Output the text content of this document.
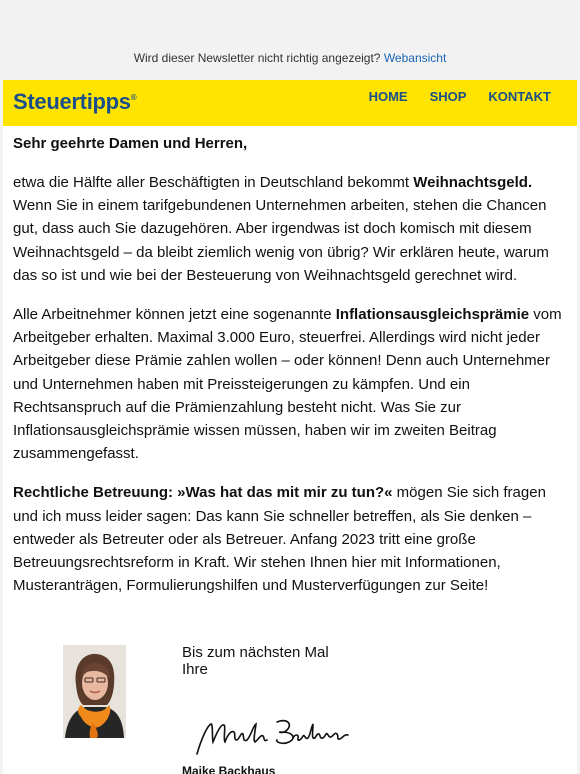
Wird dieser Newsletter nicht richtig angezeigt? Webansicht
Steuertipps®	HOME SHOP KONTAKT

Sehr geehrte Damen und Herren,

etwa die Hälfte aller Beschäftigten in Deutschland bekommt Weihnachtsgeld. Wenn Sie in einem tarifgebundenen Unternehmen arbeiten, stehen die Chancen gut, dass auch Sie dazugehören. Aber irgendwas ist doch komisch mit diesem Weihnachtsgeld – da bleibt ziemlich wenig von übrig? Wir erklären heute, warum das so ist und wie bei der Besteuerung von Weihnachtsgeld gerechnet wird.

Alle Arbeitnehmer können jetzt eine sogenannte Inflationsausgleichsprämie vom Arbeitgeber erhalten. Maximal 3.000 Euro, steuerfrei. Allerdings wird nicht jeder Arbeitgeber diese Prämie zahlen wollen – oder können! Denn auch Unternehmer und Unternehmen haben mit Preissteigerungen zu kämpfen. Und ein Rechtsanspruch auf die Prämienzahlung besteht nicht. Was Sie zur Inflationsausgleichsprämie wissen müssen, haben wir im zweiten Beitrag zusammengefasst.

Rechtliche Betreuung: »Was hat das mit mir zu tun?« mögen Sie sich fragen und ich muss leider sagen: Das kann Sie schneller betreffen, als Sie denken – entweder als Betreuter oder als Betreuer. Anfang 2023 tritt eine große Betreuungsrechtsreform in Kraft. Wir stehen Ihnen hier mit Informationen, Musteranträgen, Formulierungshilfen und Musterverfügungen zur Seite!

Bis zum nächsten Mal
Ihre
Maike Backhaus
